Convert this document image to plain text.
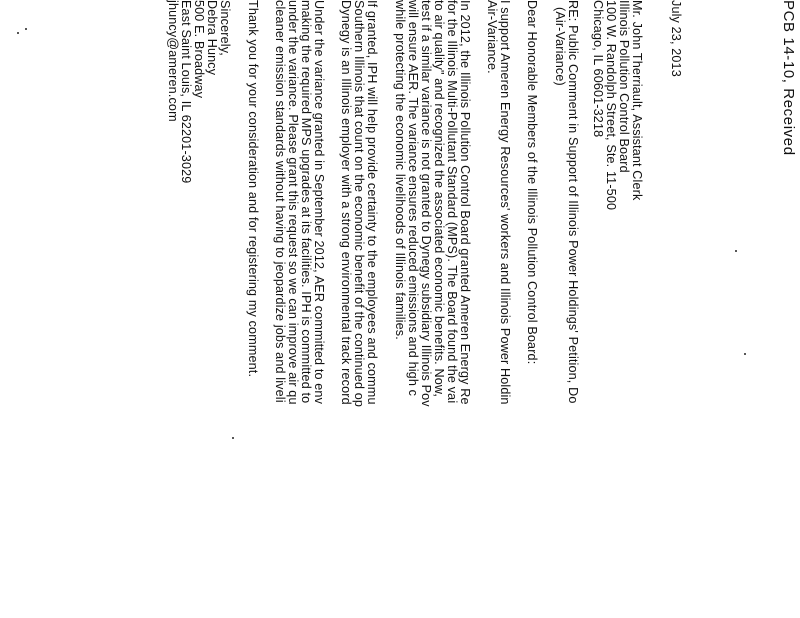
PCB 14-10, Received
July 23, 2013
Mr. John Therriault, Assistant Clerk
Illinois Pollution Control Board
100 W. Randolph Street, Ste. 11-500
Chicago, IL 60601-3218
RE: Public Comment in Support of Illinois Power Holdings' Petition, Do
(Air-Variance)
Dear Honorable Members of the Illinois Pollution Control Board:
I support Ameren Energy Resources' workers and Illinois Power Holdin
Air-Variance.
In 2012, the Illinois Pollution Control Board granted Ameren Energy Re
for the Illinois Multi-Pollutant Standard (MPS). The Board found the vai
to air quality" and recognized the associated economic benefits. Now,
test if a similar variance is not granted to Dynegy subsidiary Illinois Pov
will ensure AER. The variance ensures reduced emissions and high c
while protecting the economic livelihoods of Illinois families.
If granted, IPH will help provide certainty to the employees and commu
Southern Illinois that count on the economic benefit of the continued op
Dynegy is an Illinois employer with a strong environmental track record
Under the variance granted in September 2012, AER committed to env
making the required MPS upgrades at its facilities. IPH is committed to
under the variance. Please grant this request so we can improve air qu
cleaner emission standards without having to jeopardize jobs and liveli
Thank you for your consideration and for registering my comment.
Sincerely,
Debra Huncy
500 E. Broadway
East Saint Louis, IL 62201-3029
jhuncy@ameren.com
